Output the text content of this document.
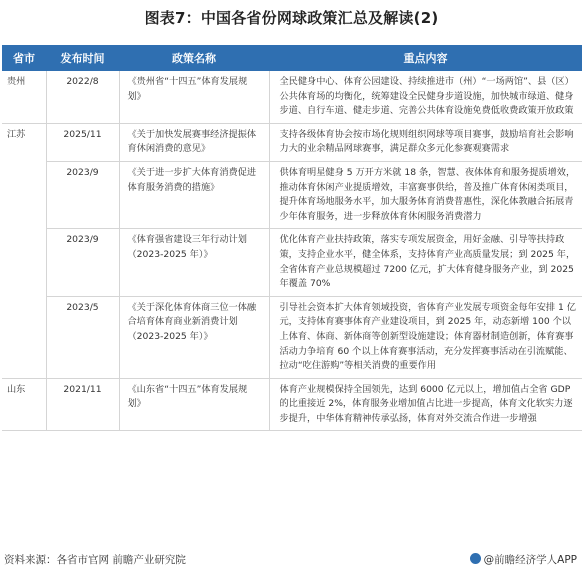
图表7：中国各省份网球政策汇总及解读(2)
省市	发布时间	政策名称	重点内容
贵州	2022/8	《贵州省“十四五”体育发展规划》	全民健身中心、体育公园建设、持续推进市（州）“一场两馆”、县（区）公共体育场的均衡化，统筹建设全民健身步道设施，加快城市绿道、健身步道、自行车道、健走步道、完善公共体育设施免费低收费政策开放政策
江苏	2025/11	《关于加快发展赛事经济提振体育休闲消费的意见》	支持各级体育协会按市场化规则组织网球等项目赛事，鼓励培育社会影响力大的业余精品网球赛事，满足群众多元化参赛观赛需求
	2023/9	《关于进一步扩大体育消费促进体育服务消费的措施》	供体育明星健身 5 万开方米就 18 条，智慧、夜体体育和服务提质增效，推动体育休闲产业提质增效，丰富赛事供给，普及推广体育休闲类项目，提升体育场地服务水平，加大服务体育消费普惠性，深化体教融合拓展青少年体育服务，进一步释放体育休闲服务消费潜力
	2023/9	《体育强省建设三年行动计划（2023-2025 年）》	优化体育产业扶持政策，落实专项发展资金，用好金融、引导等扶持政策，支持企业水平，健全体系，支持体育产业高质量发展；到 2025 年，全省体育产业总规模超过 7200 亿元，扩大体育健身服务产业，到 2025 年覆盖 70%
	2023/5	《关于深化体育体商三位一体融合培育体育商业新消费计划（2023-2025 年）》	引导社会资本扩大体育领域投资，省体育产业发展专项资金每年安排 1 亿元，支持体育赛事体育产业建设项目，到 2025 年，动态新增 100 个以上体育、体商、新体商等创新型设施建设；体育器材制造创新，体育赛事活动力争培育 60 个以上体育赛事活动，充分发挥赛事活动在引流赋能、拉动“吃住游购”等相关消费的重要作用
山东	2021/11	《山东省“十四五”体育发展规划》	体育产业规模保持全国领先，达到 6000 亿元以上，增加值占全省 GDP 的比重接近 2%，体育服务业增加值占比进一步提高，体育文化软实力逐步提升，中华体育精神传承弘扬，体育对外交流合作进一步增强
资料来源：各省市官网 前瞻产业研究院	@前瞻经济学人APP
